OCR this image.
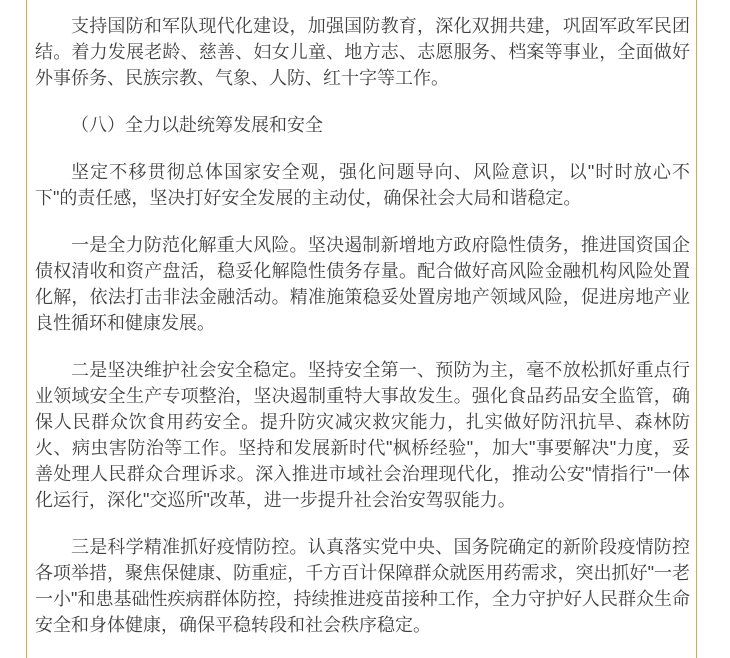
支持国防和军队现代化建设，加强国防教育，深化双拥共建，巩固军政军民团结。着力发展老龄、慈善、妇女儿童、地方志、志愿服务、档案等事业，全面做好外事侨务、民族宗教、气象、人防、红十字等工作。

（八）全力以赴统筹发展和安全

坚定不移贯彻总体国家安全观，强化问题导向、风险意识，以"时时放心不下"的责任感，坚决打好安全发展的主动仗，确保社会大局和谐稳定。

一是全力防范化解重大风险。坚决遏制新增地方政府隐性债务，推进国资国企债权清收和资产盘活，稳妥化解隐性债务存量。配合做好高风险金融机构风险处置化解，依法打击非法金融活动。精准施策稳妥处置房地产领域风险，促进房地产业良性循环和健康发展。

二是坚决维护社会安全稳定。坚持安全第一、预防为主，毫不放松抓好重点行业领域安全生产专项整治，坚决遏制重特大事故发生。强化食品药品安全监管，确保人民群众饮食用药安全。提升防灾减灾救灾能力，扎实做好防汛抗旱、森林防火、病虫害防治等工作。坚持和发展新时代"枫桥经验"，加大"事要解决"力度，妥善处理人民群众合理诉求。深入推进市域社会治理现代化，推动公安"情指行"一体化运行，深化"交巡所"改革，进一步提升社会治安驾驭能力。

三是科学精准抓好疫情防控。认真落实党中央、国务院确定的新阶段疫情防控各项举措，聚焦保健康、防重症，千方百计保障群众就医用药需求，突出抓好"一老一小"和患基础性疾病群体防控，持续推进疫苗接种工作，全力守护好人民群众生命安全和身体健康，确保平稳转段和社会秩序稳定。
